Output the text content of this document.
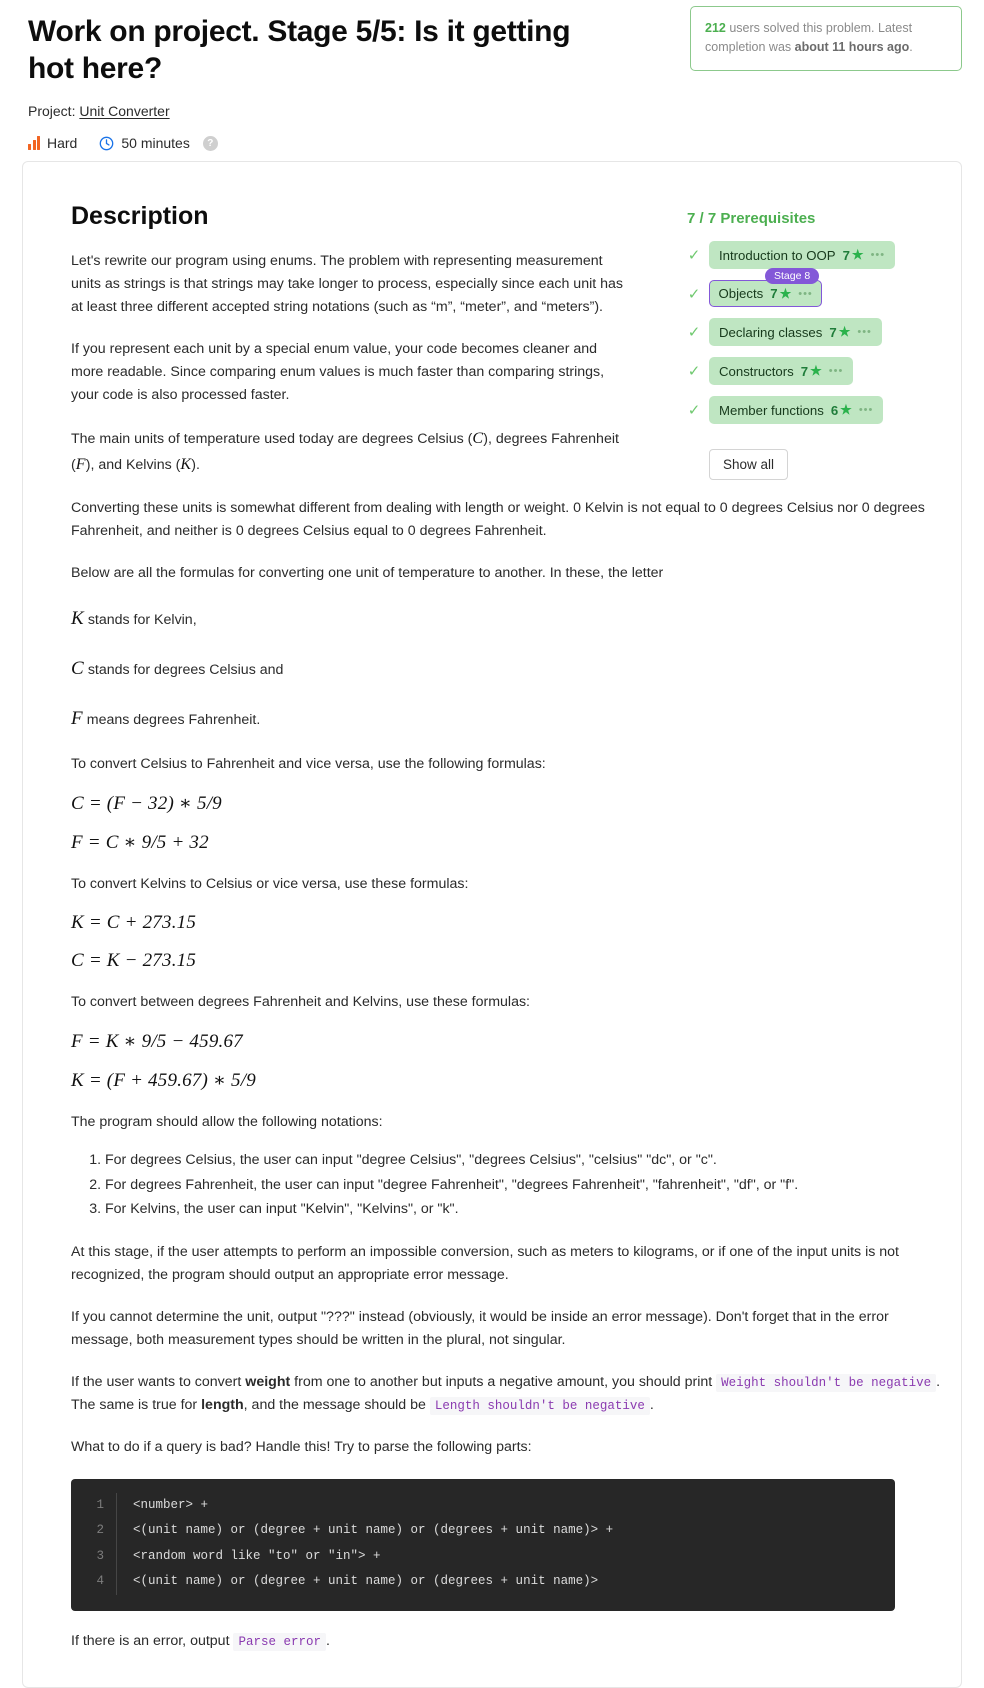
Work on project. Stage 5/5: Is it getting hot here?
Project: Unit Converter
Hard	50 minutes	?
212 users solved this problem. Latest completion was about 11 hours ago.
7 / 7 Prerequisites
✓ Introduction to OOP 7 ★ •••
✓
Stage 8
Objects 7 ★ •••
✓ Declaring classes 7 ★ •••
✓ Constructors 7 ★ •••
✓ Member functions 6 ★ •••
Show all
Description

Let's rewrite our program using enums. The problem with representing measurement units as strings is that strings may take longer to process, especially since each unit has at least three different accepted string notations (such as “m”, “meter”, and “meters”).

If you represent each unit by a special enum value, your code becomes cleaner and more readable. Since comparing enum values is much faster than comparing strings, your code is also processed faster.

The main units of temperature used today are degrees Celsius (C), degrees Fahrenheit (F), and Kelvins (K).

Converting these units is somewhat different from dealing with length or weight. 0 Kelvin is not equal to 0 degrees Celsius nor 0 degrees Fahrenheit, and neither is 0 degrees Celsius equal to 0 degrees Fahrenheit.

Below are all the formulas for converting one unit of temperature to another. In these, the letter

K stands for Kelvin,

C stands for degrees Celsius and

F means degrees Fahrenheit.

To convert Celsius to Fahrenheit and vice versa, use the following formulas:

C = (F − 32) ∗ 5/9
F = C ∗ 9/5 + 32

To convert Kelvins to Celsius or vice versa, use these formulas:

K = C + 273.15
C = K − 273.15

To convert between degrees Fahrenheit and Kelvins, use these formulas:

F = K ∗ 9/5 − 459.67
K = (F + 459.67) ∗ 5/9

The program should allow the following notations:

1. For degrees Celsius, the user can input "degree Celsius", "degrees Celsius", "celsius" "dc", or "c".
2. For degrees Fahrenheit, the user can input "degree Fahrenheit", "degrees Fahrenheit", "fahrenheit", "df", or "f".
3. For Kelvins, the user can input "Kelvin", "Kelvins", or "k".

At this stage, if the user attempts to perform an impossible conversion, such as meters to kilograms, or if one of the input units is not recognized, the program should output an appropriate error message.

If you cannot determine the unit, output "???" instead (obviously, it would be inside an error message). Don't forget that in the error message, both measurement types should be written in the plural, not singular.

If the user wants to convert weight from one to another but inputs a negative amount, you should print Weight shouldn't be negative . The same is true for length, and the message should be Length shouldn't be negative .

What to do if a query is bad? Handle this! Try to parse the following parts:

1	<number> +
2	<(unit name) or (degree + unit name) or (degrees + unit name)> +
3	<random word like "to" or "in"> +
4	<(unit name) or (degree + unit name) or (degrees + unit name)>

If there is an error, output Parse error .
